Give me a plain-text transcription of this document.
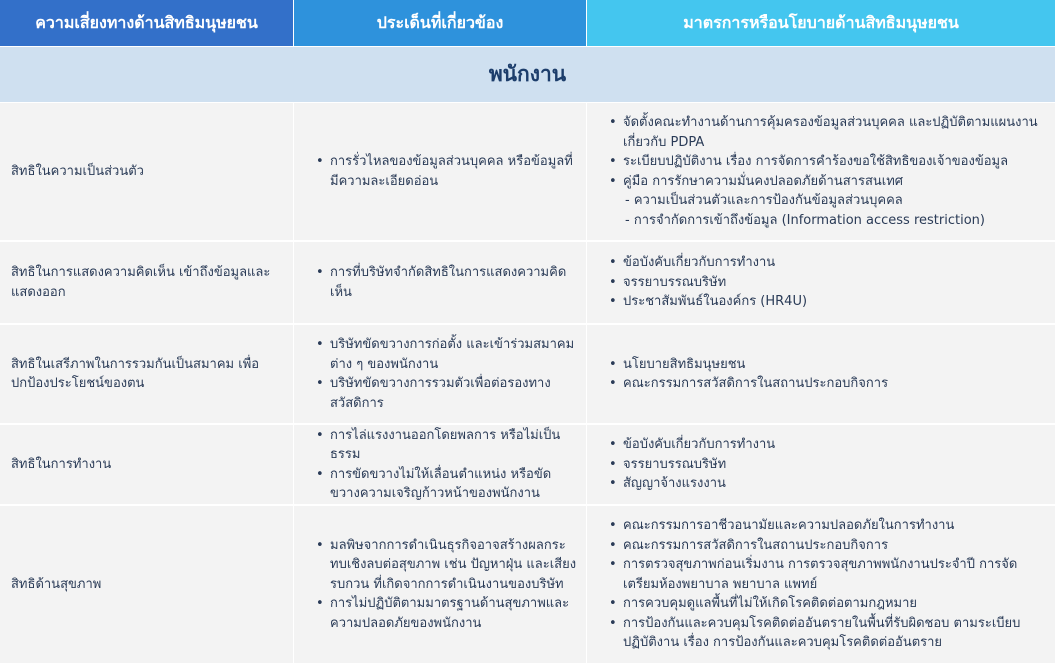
ความเสี่ยงทางด้านสิทธิมนุษยชน	ประเด็นที่เกี่ยวข้อง	มาตรการหรือนโยบายด้านสิทธิมนุษยชน
พนักงาน
สิทธิในความเป็นส่วนตัว
• การรั่วไหลของข้อมูลส่วนบุคคล หรือข้อมูลที่มีความละเอียดอ่อน
• จัดตั้งคณะทำงานด้านการคุ้มครองข้อมูลส่วนบุคคล และปฏิบัติตามแผนงานเกี่ยวกับ PDPA
• ระเบียบปฏิบัติงาน เรื่อง การจัดการคำร้องขอใช้สิทธิของเจ้าของข้อมูล
• คู่มือ การรักษาความมั่นคงปลอดภัยด้านสารสนเทศ
- ความเป็นส่วนตัวและการป้องกันข้อมูลส่วนบุคคล
- การจำกัดการเข้าถึงข้อมูล (Information access restriction)
สิทธิในการแสดงความคิดเห็น เข้าถึงข้อมูลและแสดงออก
• การที่บริษัทจำกัดสิทธิในการแสดงความคิดเห็น
• ข้อบังคับเกี่ยวกับการทำงาน
• จรรยาบรรณบริษัท
• ประชาสัมพันธ์ในองค์กร (HR4U)
สิทธิในเสรีภาพในการรวมกันเป็นสมาคม เพื่อปกป้องประโยชน์ของตน
• บริษัทขัดขวางการก่อตั้ง และเข้าร่วมสมาคมต่าง ๆ ของพนักงาน
• บริษัทขัดขวางการรวมตัวเพื่อต่อรองทางสวัสดิการ
• นโยบายสิทธิมนุษยชน
• คณะกรรมการสวัสดิการในสถานประกอบกิจการ
สิทธิในการทำงาน
• การไล่แรงงานออกโดยพลการ หรือไม่เป็นธรรม
• การขัดขวางไม่ให้เลื่อนตำแหน่ง หรือขัดขวางความเจริญก้าวหน้าของพนักงาน
• ข้อบังคับเกี่ยวกับการทำงาน
• จรรยาบรรณบริษัท
• สัญญาจ้างแรงงาน
สิทธิด้านสุขภาพ
• มลพิษจากการดำเนินธุรกิจอาจสร้างผลกระทบเชิงลบต่อสุขภาพ เช่น ปัญหาฝุ่น และเสียงรบกวน ที่เกิดจากการดำเนินงานของบริษัท
• การไม่ปฏิบัติตามมาตรฐานด้านสุขภาพและความปลอดภัยของพนักงาน
• คณะกรรมการอาชีวอนามัยและความปลอดภัยในการทำงาน
• คณะกรรมการสวัสดิการในสถานประกอบกิจการ
• การตรวจสุขภาพก่อนเริ่มงาน การตรวจสุขภาพพนักงานประจำปี การจัดเตรียมห้องพยาบาล พยาบาล แพทย์
• การควบคุมดูแลพื้นที่ไม่ให้เกิดโรคติดต่อตามกฎหมาย
• การป้องกันและควบคุมโรคติดต่ออันตรายในพื้นที่รับผิดชอบ ตามระเบียบปฏิบัติงาน เรื่อง การป้องกันและควบคุมโรคติดต่ออันตราย
